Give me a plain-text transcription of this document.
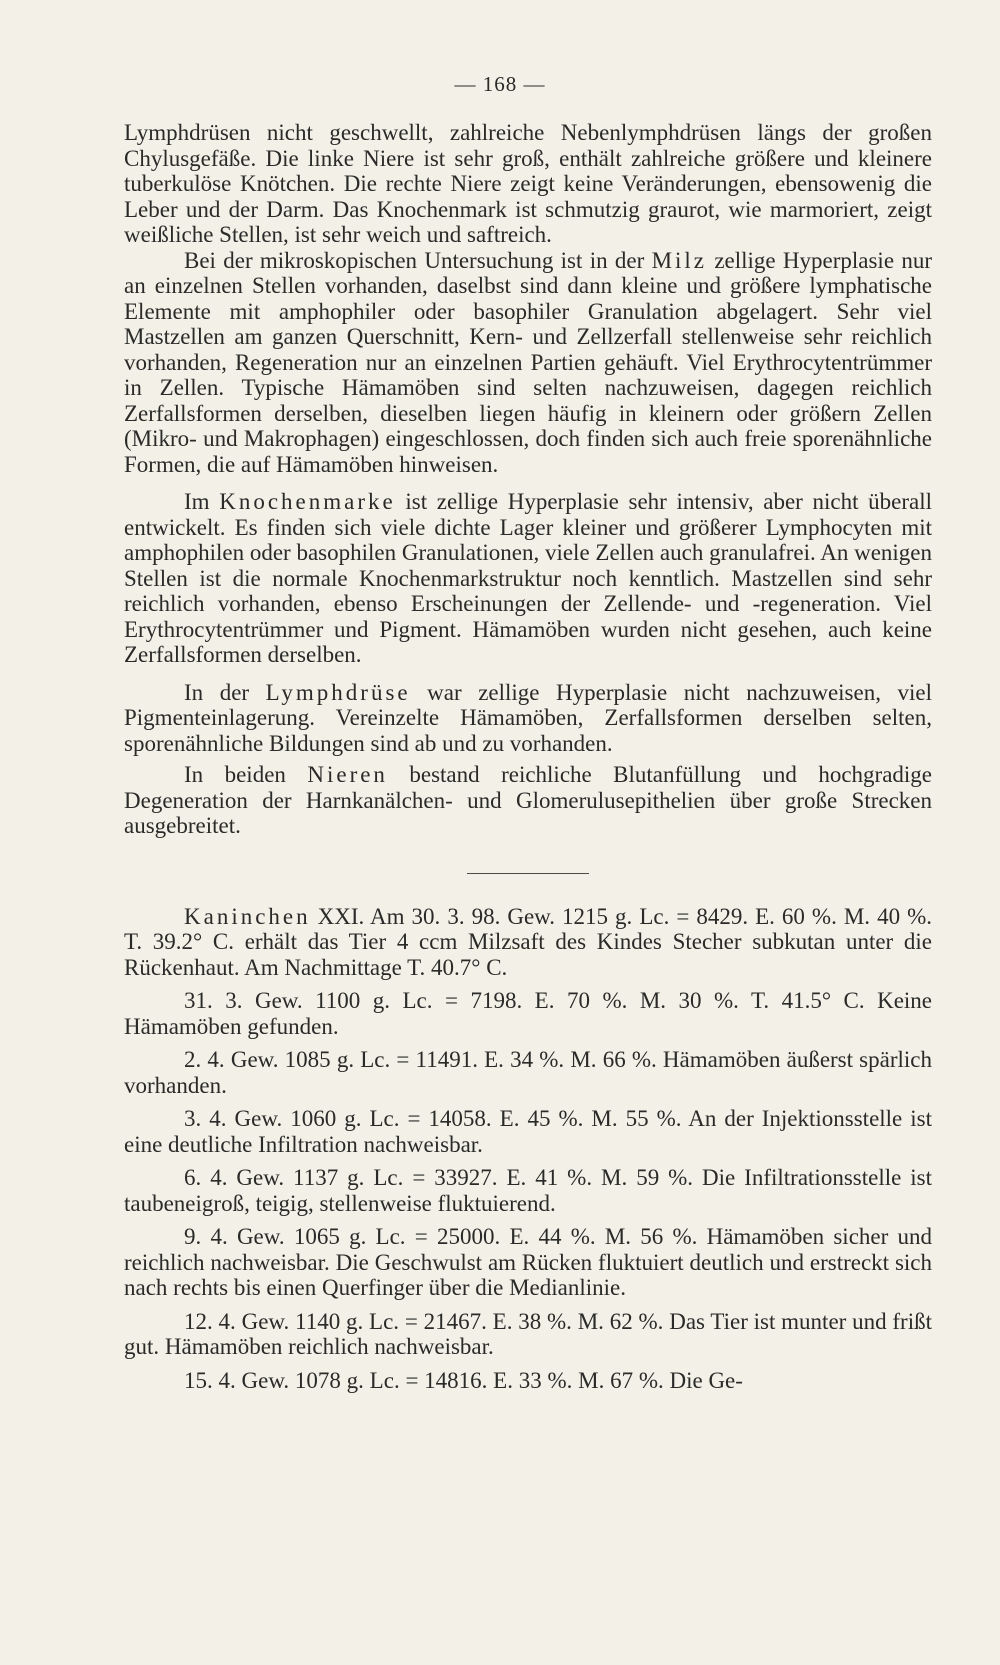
— 168 —

Lymphdrüsen nicht geschwellt, zahlreiche Nebenlymphdrüsen längs der großen Chylusgefäße. Die linke Niere ist sehr groß, enthält zahlreiche größere und kleinere tuberkulöse Knötchen. Die rechte Niere zeigt keine Veränderungen, ebensowenig die Leber und der Darm. Das Knochenmark ist schmutzig graurot, wie marmoriert, zeigt weißliche Stellen, ist sehr weich und saftreich.

Bei der mikroskopischen Untersuchung ist in der Milz zellige Hyperplasie nur an einzelnen Stellen vorhanden, daselbst sind dann kleine und größere lymphatische Elemente mit amphophiler oder basophiler Granulation abgelagert. Sehr viel Mastzellen am ganzen Querschnitt, Kern- und Zellzerfall stellenweise sehr reichlich vorhanden, Regeneration nur an einzelnen Partien gehäuft. Viel Erythrocytentrümmer in Zellen. Typische Hämamöben sind selten nachzuweisen, dagegen reichlich Zerfallsformen derselben, dieselben liegen häufig in kleinern oder größern Zellen (Mikro- und Makrophagen) eingeschlossen, doch finden sich auch freie sporenähnliche Formen, die auf Hämamöben hinweisen.

Im Knochenmarke ist zellige Hyperplasie sehr intensiv, aber nicht überall entwickelt. Es finden sich viele dichte Lager kleiner und größerer Lymphocyten mit amphophilen oder basophilen Granulationen, viele Zellen auch granulafrei. An wenigen Stellen ist die normale Knochenmarkstruktur noch kenntlich. Mastzellen sind sehr reichlich vorhanden, ebenso Erscheinungen der Zellende- und -regeneration. Viel Erythrocytentrümmer und Pigment. Hämamöben wurden nicht gesehen, auch keine Zerfallsformen derselben.

In der Lymphdrüse war zellige Hyperplasie nicht nachzuweisen, viel Pigmenteinlagerung. Vereinzelte Hämamöben, Zerfallsformen derselben selten, sporenähnliche Bildungen sind ab und zu vorhanden.

In beiden Nieren bestand reichliche Blutanfüllung und hochgradige Degeneration der Harnkanälchen- und Glomerulusepithelien über große Strecken ausgebreitet.

Kaninchen XXI. Am 30. 3. 98. Gew. 1215 g. Lc. = 8429. E. 60 %. M. 40 %. T. 39.2° C. erhält das Tier 4 ccm Milzsaft des Kindes Stecher subkutan unter die Rückenhaut. Am Nachmittage T. 40.7° C.

31. 3. Gew. 1100 g. Lc. = 7198. E. 70 %. M. 30 %. T. 41.5° C. Keine Hämamöben gefunden.

2. 4. Gew. 1085 g. Lc. = 11491. E. 34 %. M. 66 %. Hämamöben äußerst spärlich vorhanden.

3. 4. Gew. 1060 g. Lc. = 14058. E. 45 %. M. 55 %. An der Injektionsstelle ist eine deutliche Infiltration nachweisbar.

6. 4. Gew. 1137 g. Lc. = 33927. E. 41 %. M. 59 %. Die Infiltrationsstelle ist taubeneigroß, teigig, stellenweise fluktuierend.

9. 4. Gew. 1065 g. Lc. = 25000. E. 44 %. M. 56 %. Hämamöben sicher und reichlich nachweisbar. Die Geschwulst am Rücken fluktuiert deutlich und erstreckt sich nach rechts bis einen Querfinger über die Medianlinie.

12. 4. Gew. 1140 g. Lc. = 21467. E. 38 %. M. 62 %. Das Tier ist munter und frißt gut. Hämamöben reichlich nachweisbar.

15. 4. Gew. 1078 g. Lc. = 14816. E. 33 %. M. 67 %. Die Ge-
